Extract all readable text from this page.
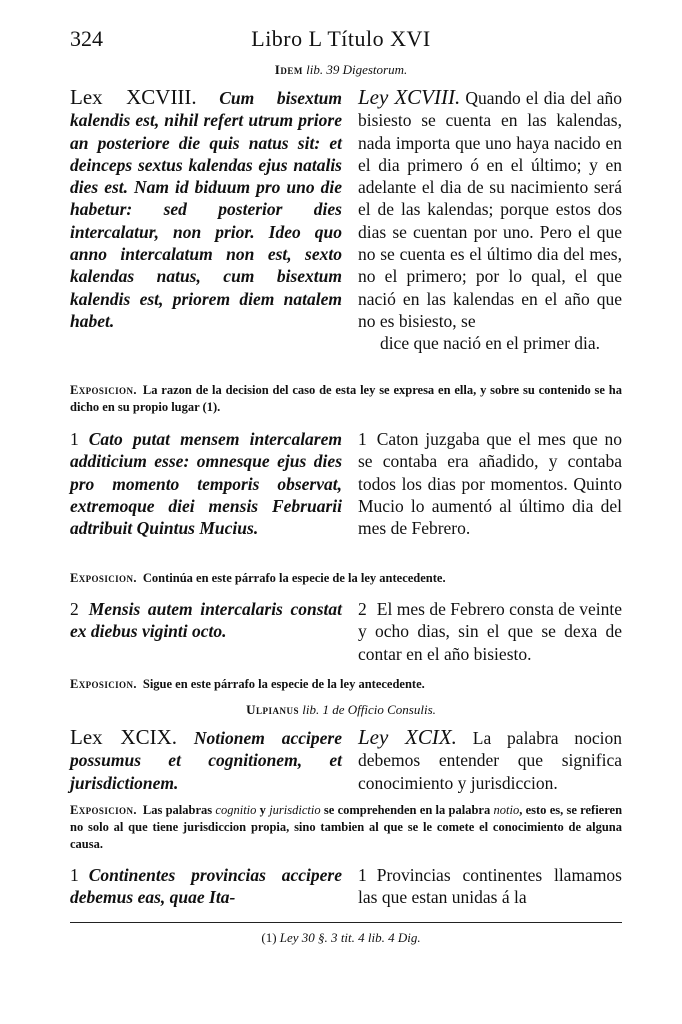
324	Libro L Título XVI
Idem lib. 39 Digestorum.
Lex XCVIII. Cum bisextum kalendis est, nihil refert utrum priore an posteriore die quis natus sit: et deinceps sextus kalendas ejus natalis dies est. Nam id biduum pro uno die habetur: sed posterior dies intercalatur, non prior. Ideo quo anno intercalatum non est, sexto kalendas natus, cum bisextum kalendis est, priorem diem natalem habet.
Ley XCVIII. Quando el dia del año bisiesto se cuenta en las kalendas, nada importa que uno haya nacido en el dia primero ó en el último; y en adelante el dia de su nacimiento será el de las kalendas; porque estos dos dias se cuentan por uno. Pero el que no se cuenta es el último dia del mes, no el primero; por lo qual, el que nació en las kalendas en el año que no es bisiesto, se
dice que nació en el primer dia.
Exposicion. La razon de la decision del caso de esta ley se expresa en ella, y sobre su contenido se ha dicho en su propio lugar (1).
1 Cato putat mensem intercalarem additicium esse: omnesque ejus dies pro momento temporis observat, extremoque diei mensis Februarii adtribuit Quintus Mucius.
1 Caton juzgaba que el mes que no se contaba era añadido, y contaba todos los dias por momentos. Quinto Mucio lo aumentó al último dia del mes de Febrero.
Exposicion. Continúa en este párrafo la especie de la ley antecedente.
2 Mensis autem intercalaris constat ex diebus viginti octo.
2 El mes de Febrero consta de veinte y ocho dias, sin el que se dexa de contar en el año bisiesto.
Exposicion. Sigue en este párrafo la especie de la ley antecedente.
Ulpianus lib. 1 de Officio Consulis.
Lex XCIX. Notionem accipere possumus et cognitionem, et jurisdictionem.
Ley XCIX. La palabra nocion debemos entender que significa conocimiento y jurisdiccion.
Exposicion. Las palabras cognitio y jurisdictio se comprehenden en la palabra notio, esto es, se refieren no solo al que tiene jurisdiccion propia, sino tambien al que se le comete el conocimiento de alguna causa.
1 Continentes provincias accipere debemus eas, quae Ita-
1 Provincias continentes llamamos las que estan unidas á la
(1) Ley 30 §. 3 tit. 4 lib. 4 Dig.
